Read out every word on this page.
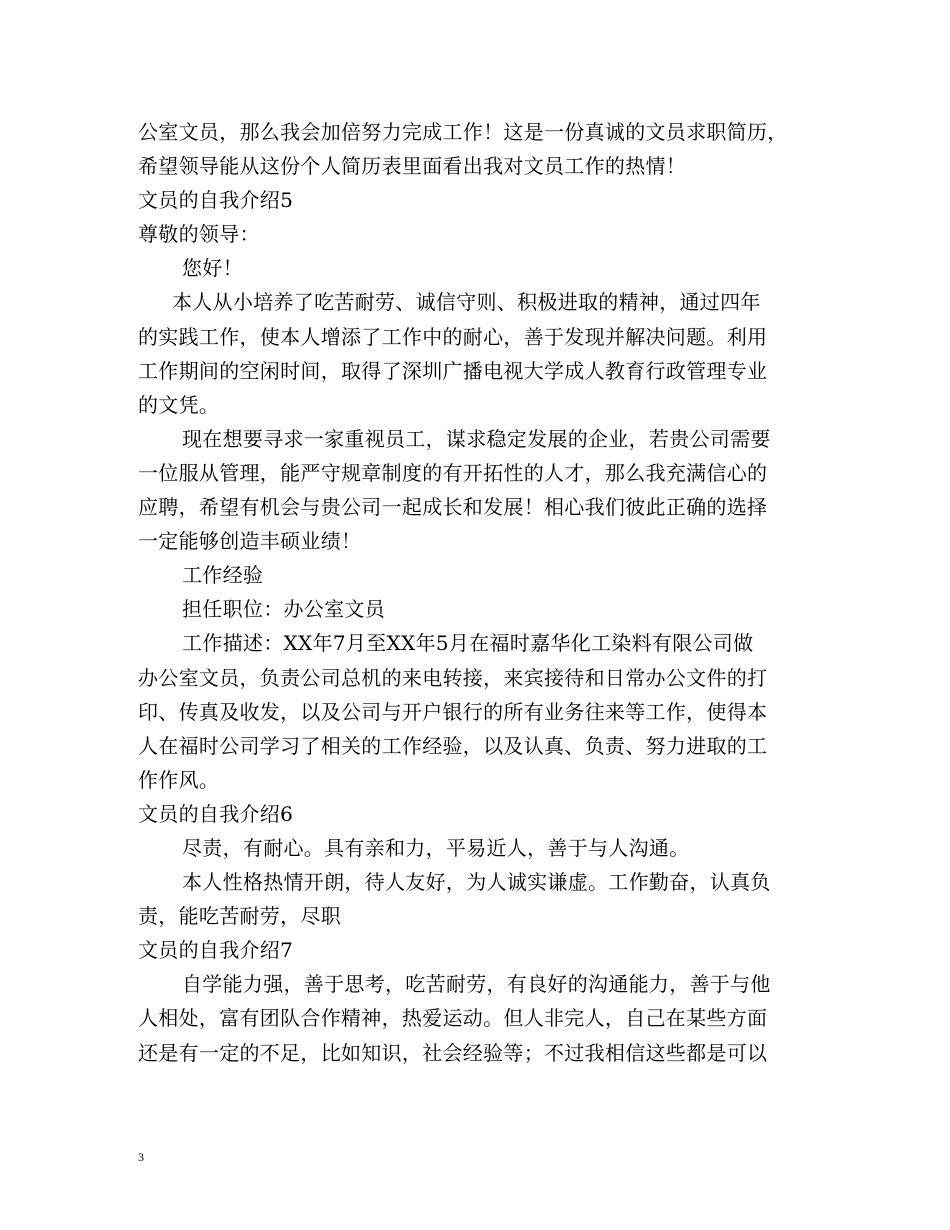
公室文员，那么我会加倍努力完成工作！这是一份真诚的文员求职简历，
希望领导能从这份个人简历表里面看出我对文员工作的热情！
文员的自我介绍5
尊敬的领导：
您好！
本人从小培养了吃苦耐劳、诚信守则、积极进取的精神，通过四年
的实践工作，使本人增添了工作中的耐心，善于发现并解决问题。利用
工作期间的空闲时间，取得了深圳广播电视大学成人教育行政管理专业
的文凭。
现在想要寻求一家重视员工，谋求稳定发展的企业，若贵公司需要
一位服从管理，能严守规章制度的有开拓性的人才，那么我充满信心的
应聘，希望有机会与贵公司一起成长和发展！相心我们彼此正确的选择
一定能够创造丰硕业绩！
工作经验
担任职位：办公室文员
工作描述：XX年7月至XX年5月在福时嘉华化工染料有限公司做
办公室文员，负责公司总机的来电转接，来宾接待和日常办公文件的打
印、传真及收发，以及公司与开户银行的所有业务往来等工作，使得本
人在福时公司学习了相关的工作经验，以及认真、负责、努力进取的工
作作风。
文员的自我介绍6
尽责，有耐心。具有亲和力，平易近人，善于与人沟通。
本人性格热情开朗，待人友好，为人诚实谦虚。工作勤奋，认真负
责，能吃苦耐劳，尽职
文员的自我介绍7
自学能力强，善于思考，吃苦耐劳，有良好的沟通能力，善于与他
人相处，富有团队合作精神，热爱运动。但人非完人，自己在某些方面
还是有一定的不足，比如知识，社会经验等；不过我相信这些都是可以
3
